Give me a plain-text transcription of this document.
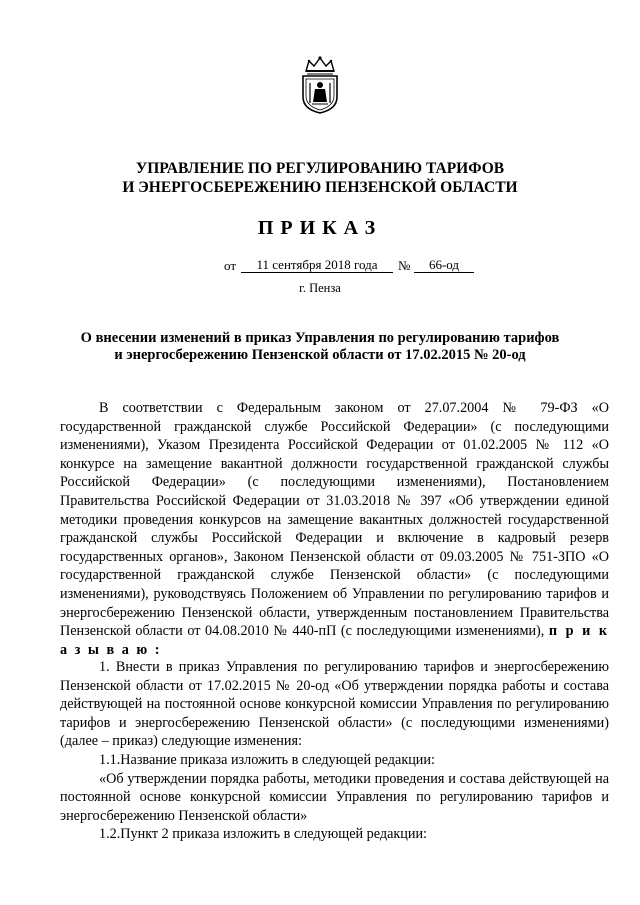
УПРАВЛЕНИЕ ПО РЕГУЛИРОВАНИЮ ТАРИФОВ
И ЭНЕРГОСБЕРЕЖЕНИЮ ПЕНЗЕНСКОЙ ОБЛАСТИ
ПРИКАЗ
от	11 сентября 2018 года	№	66-од
г. Пенза
О внесении изменений в приказ Управления по регулированию тарифов
и энергосбережению Пензенской области от 17.02.2015 № 20-од

В соответствии с Федеральным законом от 27.07.2004 № 79-ФЗ «О государственной гражданской службе Российской Федерации» (с последующими изменениями), Указом Президента Российской Федерации от 01.02.2005 № 112 «О конкурсе на замещение вакантной должности государственной гражданской службы Российской Федерации» (с последующими изменениями), Постановлением Правительства Российской Федерации от 31.03.2018 № 397 «Об утверждении единой методики проведения конкурсов на замещение вакантных должностей государственной гражданской службы Российской Федерации и включение в кадровый резерв государственных органов», Законом Пензенской области от 09.03.2005 № 751-ЗПО «О государственной гражданской службе Пензенской области» (с последующими изменениями), руководствуясь Положением об Управлении по регулированию тарифов и энергосбережению Пензенской области, утвержденным постановлением Правительства Пензенской области от 04.08.2010 № 440-пП (с последующими изменениями), п р и к а з ы в а ю :

1. Внести в приказ Управления по регулированию тарифов и энергосбережению Пензенской области от 17.02.2015 № 20-од «Об утверждении порядка работы и состава действующей на постоянной основе конкурсной комиссии Управления по регулированию тарифов и энергосбережению Пензенской области» (с последующими изменениями) (далее – приказ) следующие изменения:

1.1.Название приказа изложить в следующей редакции:

«Об утверждении порядка работы, методики проведения и состава действующей на постоянной основе конкурсной комиссии Управления по регулированию тарифов и энергосбережению Пензенской области»

1.2.Пункт 2 приказа изложить в следующей редакции:
